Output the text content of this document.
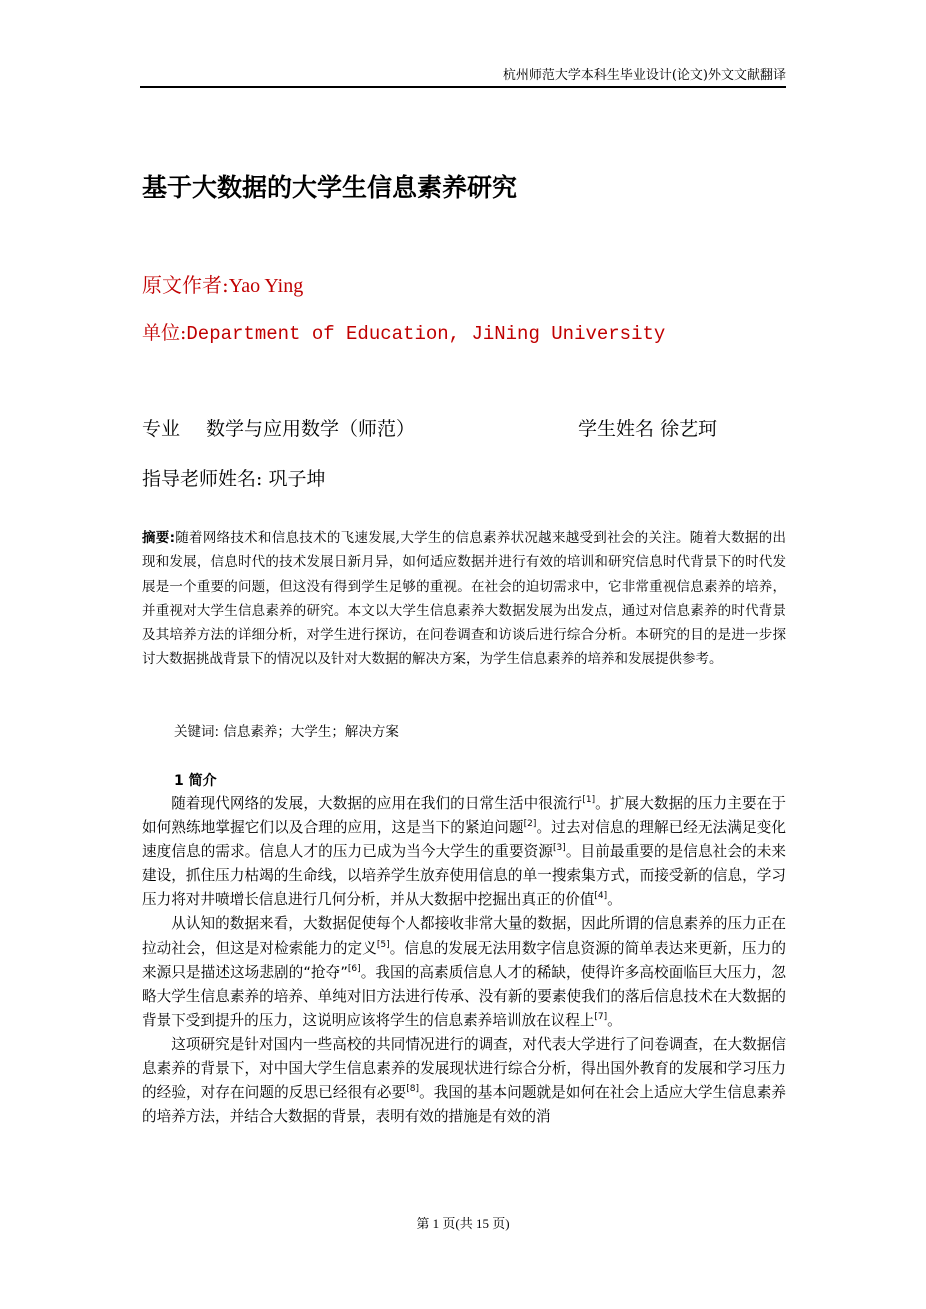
杭州师范大学本科生毕业设计(论文)外文文献翻译
基于大数据的大学生信息素养研究
原文作者:Yao Ying
单位:Department of Education, JiNing University
专业 数学与应用数学（师范）	学生姓名 徐艺珂
指导老师姓名: 巩子坤
摘要:随着网络技术和信息技术的飞速发展,大学生的信息素养状况越来越受到社会的关注。随着大数据的出现和发展，信息时代的技术发展日新月异，如何适应数据并进行有效的培训和研究信息时代背景下的时代发展是一个重要的问题，但这没有得到学生足够的重视。在社会的迫切需求中，它非常重视信息素养的培养，并重视对大学生信息素养的研究。本文以大学生信息素养大数据发展为出发点，通过对信息素养的时代背景及其培养方法的详细分析，对学生进行探访，在问卷调查和访谈后进行综合分析。本研究的目的是进一步探讨大数据挑战背景下的情况以及针对大数据的解决方案，为学生信息素养的培养和发展提供参考。
关键词: 信息素养；大学生；解决方案
1 简介

随着现代网络的发展，大数据的应用在我们的日常生活中很流行[1]。扩展大数据的压力主要在于如何熟练地掌握它们以及合理的应用，这是当下的紧迫问题[2]。过去对信息的理解已经无法满足变化速度信息的需求。信息人才的压力已成为当今大学生的重要资源[3]。目前最重要的是信息社会的未来建设，抓住压力枯竭的生命线，以培养学生放弃使用信息的单一搜索集方式，而接受新的信息，学习压力将对井喷增长信息进行几何分析，并从大数据中挖掘出真正的价值[4]。

从认知的数据来看，大数据促使每个人都接收非常大量的数据，因此所谓的信息素养的压力正在拉动社会，但这是对检索能力的定义[5]。信息的发展无法用数字信息资源的简单表达来更新，压力的来源只是描述这场悲剧的“抢夺”[6]。我国的高素质信息人才的稀缺，使得许多高校面临巨大压力，忽略大学生信息素养的培养、单纯对旧方法进行传承、没有新的要素使我们的落后信息技术在大数据的背景下受到提升的压力，这说明应该将学生的信息素养培训放在议程上[7]。

这项研究是针对国内一些高校的共同情况进行的调查，对代表大学进行了问卷调查，在大数据信息素养的背景下，对中国大学生信息素养的发展现状进行综合分析，得出国外教育的发展和学习压力的经验，对存在问题的反思已经很有必要[8]。我国的基本问题就是如何在社会上适应大学生信息素养的培养方法，并结合大数据的背景，表明有效的措施是有效的消

第 1 页(共 15 页)
